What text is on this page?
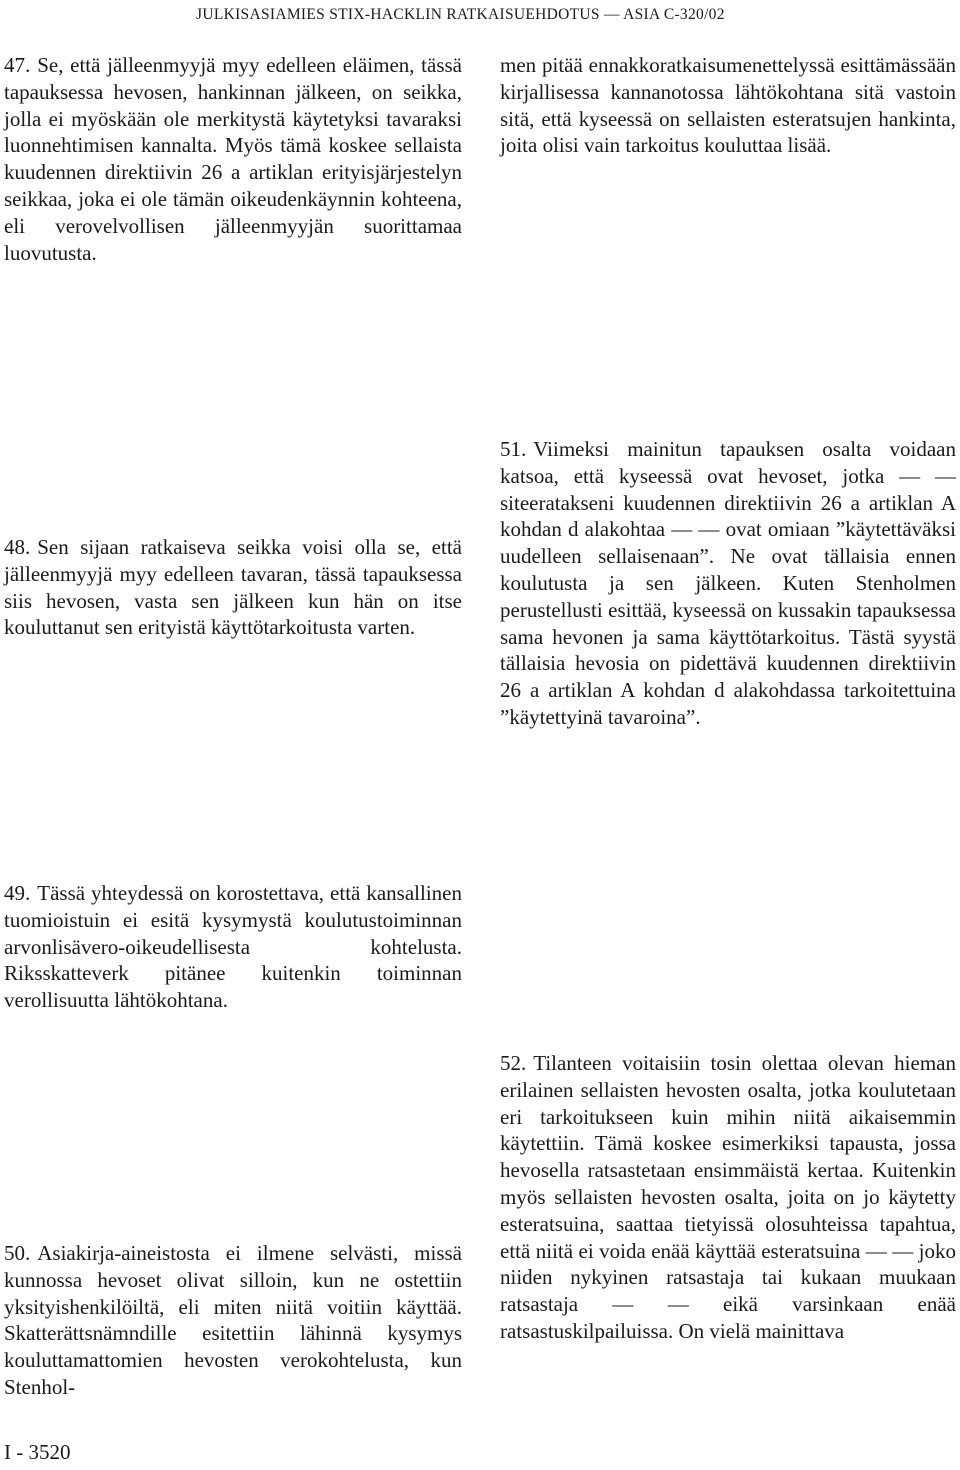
JULKISASIAMIES STIX-HACKLIN RATKAISUEHDOTUS — ASIA C-320/02

47. Se, että jälleenmyyjä myy edelleen eläimen, tässä tapauksessa hevosen, hankinnan jälkeen, on seikka, jolla ei myöskään ole merkitystä käytetyksi tavaraksi luonnehtimisen kannalta. Myös tämä koskee sellaista kuudennen direktiivin 26 a artiklan erityisjärjestelyn seikkaa, joka ei ole tämän oikeudenkäynnin kohteena, eli verovelvollisen jälleenmyyjän suorittamaa luovutusta.

men pitää ennakkoratkaisumenettelyssä esittämässään kirjallisessa kannanotossa lähtökohtana sitä vastoin sitä, että kyseessä on sellaisten esteratsujen hankinta, joita olisi vain tarkoitus kouluttaa lisää.

48. Sen sijaan ratkaiseva seikka voisi olla se, että jälleenmyyjä myy edelleen tavaran, tässä tapauksessa siis hevosen, vasta sen jälkeen kun hän on itse kouluttanut sen erityistä käyttötarkoitusta varten.

51. Viimeksi mainitun tapauksen osalta voidaan katsoa, että kyseessä ovat hevoset, jotka — — siteeratakseni kuudennen direktiivin 26 a artiklan A kohdan d alakohtaa — — ovat omiaan ”käytettäväksi uudelleen sellaisenaan”. Ne ovat tällaisia ennen koulutusta ja sen jälkeen. Kuten Stenholmen perustellusti esittää, kyseessä on kussakin tapauksessa sama hevonen ja sama käyttötarkoitus. Tästä syystä tällaisia hevosia on pidettävä kuudennen direktiivin 26 a artiklan A kohdan d alakohdassa tarkoitettuina ”käytettyinä tavaroina”.

49. Tässä yhteydessä on korostettava, että kansallinen tuomioistuin ei esitä kysymystä koulutustoiminnan arvonlisävero-oikeudellisesta kohtelusta. Riksskatteverk pitänee kuitenkin toiminnan verollisuutta lähtökohtana.

52. Tilanteen voitaisiin tosin olettaa olevan hieman erilainen sellaisten hevosten osalta, jotka koulutetaan eri tarkoitukseen kuin mihin niitä aikaisemmin käytettiin. Tämä koskee esimerkiksi tapausta, jossa hevosella ratsastetaan ensimmäistä kertaa. Kuitenkin myös sellaisten hevosten osalta, joita on jo käytetty esteratsuina, saattaa tietyissä olosuhteissa tapahtua, että niitä ei voida enää käyttää esteratsuina — — joko niiden nykyinen ratsastaja tai kukaan muukaan ratsastaja — — eikä varsinkaan enää ratsastuskilpailuissa. On vielä mainittava

50. Asiakirja-aineistosta ei ilmene selvästi, missä kunnossa hevoset olivat silloin, kun ne ostettiin yksityishenkilöiltä, eli miten niitä voitiin käyttää. Skatterättsnämndille esitettiin lähinnä kysymys kouluttamattomien hevosten verokohtelusta, kun Stenhol-

I - 3520
